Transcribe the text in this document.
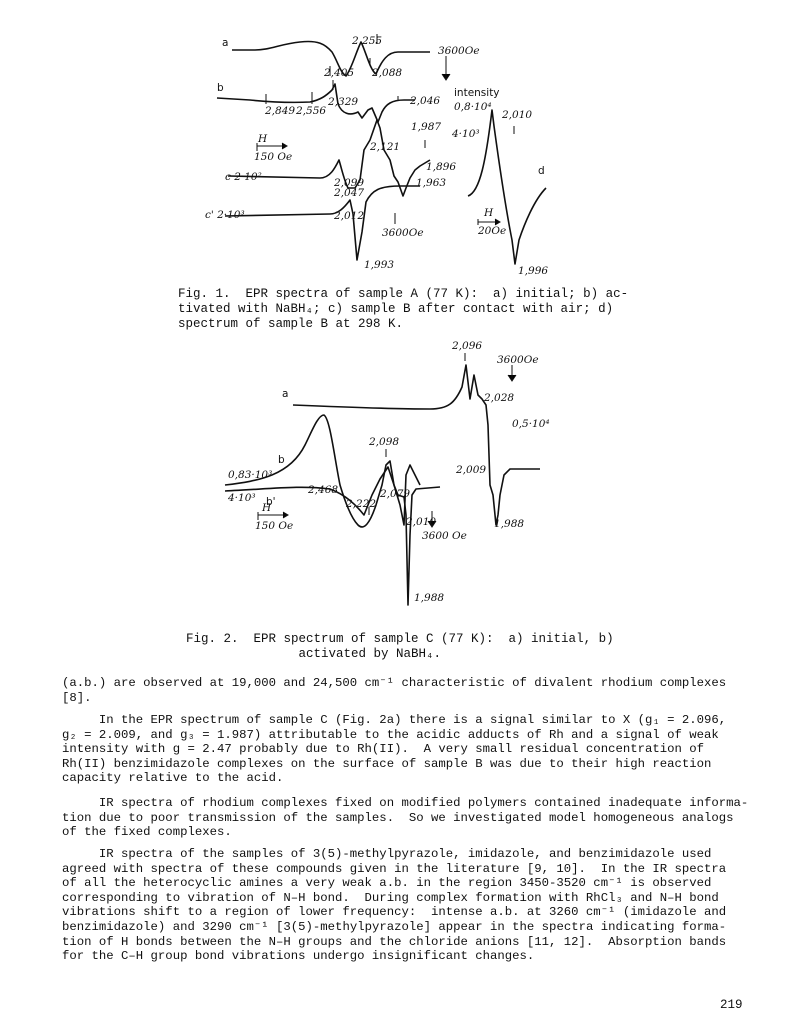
a
b
c 2·10²
c' 2·10³
d
2,255
2,405 2,088
2,046
2,849 2,556
2,329
2,121
1,987
1,896
1,963
2,099
2,047
2,012
1,993
2,010
1,996
3600Oe
intensity
0,8·10⁴
4·10³
H
150 Oe
3600Oe
H
20Oe
Fig. 1.  EPR spectra of sample A (77 K):  a) initial; b) ac-
tivated with NaBH₄; c) sample B after contact with air; d)
spectrum of sample B at 298 K.
a
b
b'
2,096
3600Oe
2,028
0,5·10⁴
2,098
0,83·10³
4·10³
2,468	2,079
2,222
2,010
2,009
1,988
1,988
3600 Oe
H
150 Oe
Fig. 2.  EPR spectrum of sample C (77 K):  a) initial, b)
activated by NaBH₄.
(a.b.) are observed at 19,000 and 24,500 cm⁻¹ characteristic of divalent rhodium complexes
[8].
In the EPR spectrum of sample C (Fig. 2a) there is a signal similar to X (g₁ = 2.096,
g₂ = 2.009, and g₃ = 1.987) attributable to the acidic adducts of Rh and a signal of weak
intensity with g = 2.47 probably due to Rh(II).  A very small residual concentration of
Rh(II) benzimidazole complexes on the surface of sample B was due to their high reaction
capacity relative to the acid.
IR spectra of rhodium complexes fixed on modified polymers contained inadequate informa-
tion due to poor transmission of the samples.  So we investigated model homogeneous analogs
of the fixed complexes.
IR spectra of the samples of 3(5)-methylpyrazole, imidazole, and benzimidazole used
agreed with spectra of these compounds given in the literature [9, 10].  In the IR spectra
of all the heterocyclic amines a very weak a.b. in the region 3450-3520 cm⁻¹ is observed
corresponding to vibration of N–H bond.  During complex formation with RhCl₃ and N–H bond
vibrations shift to a region of lower frequency:  intense a.b. at 3260 cm⁻¹ (imidazole and
benzimidazole) and 3290 cm⁻¹ [3(5)-methylpyrazole] appear in the spectra indicating forma-
tion of H bonds between the N–H groups and the chloride anions [11, 12].  Absorption bands
for the C–H group bond vibrations undergo insignificant changes.
219
